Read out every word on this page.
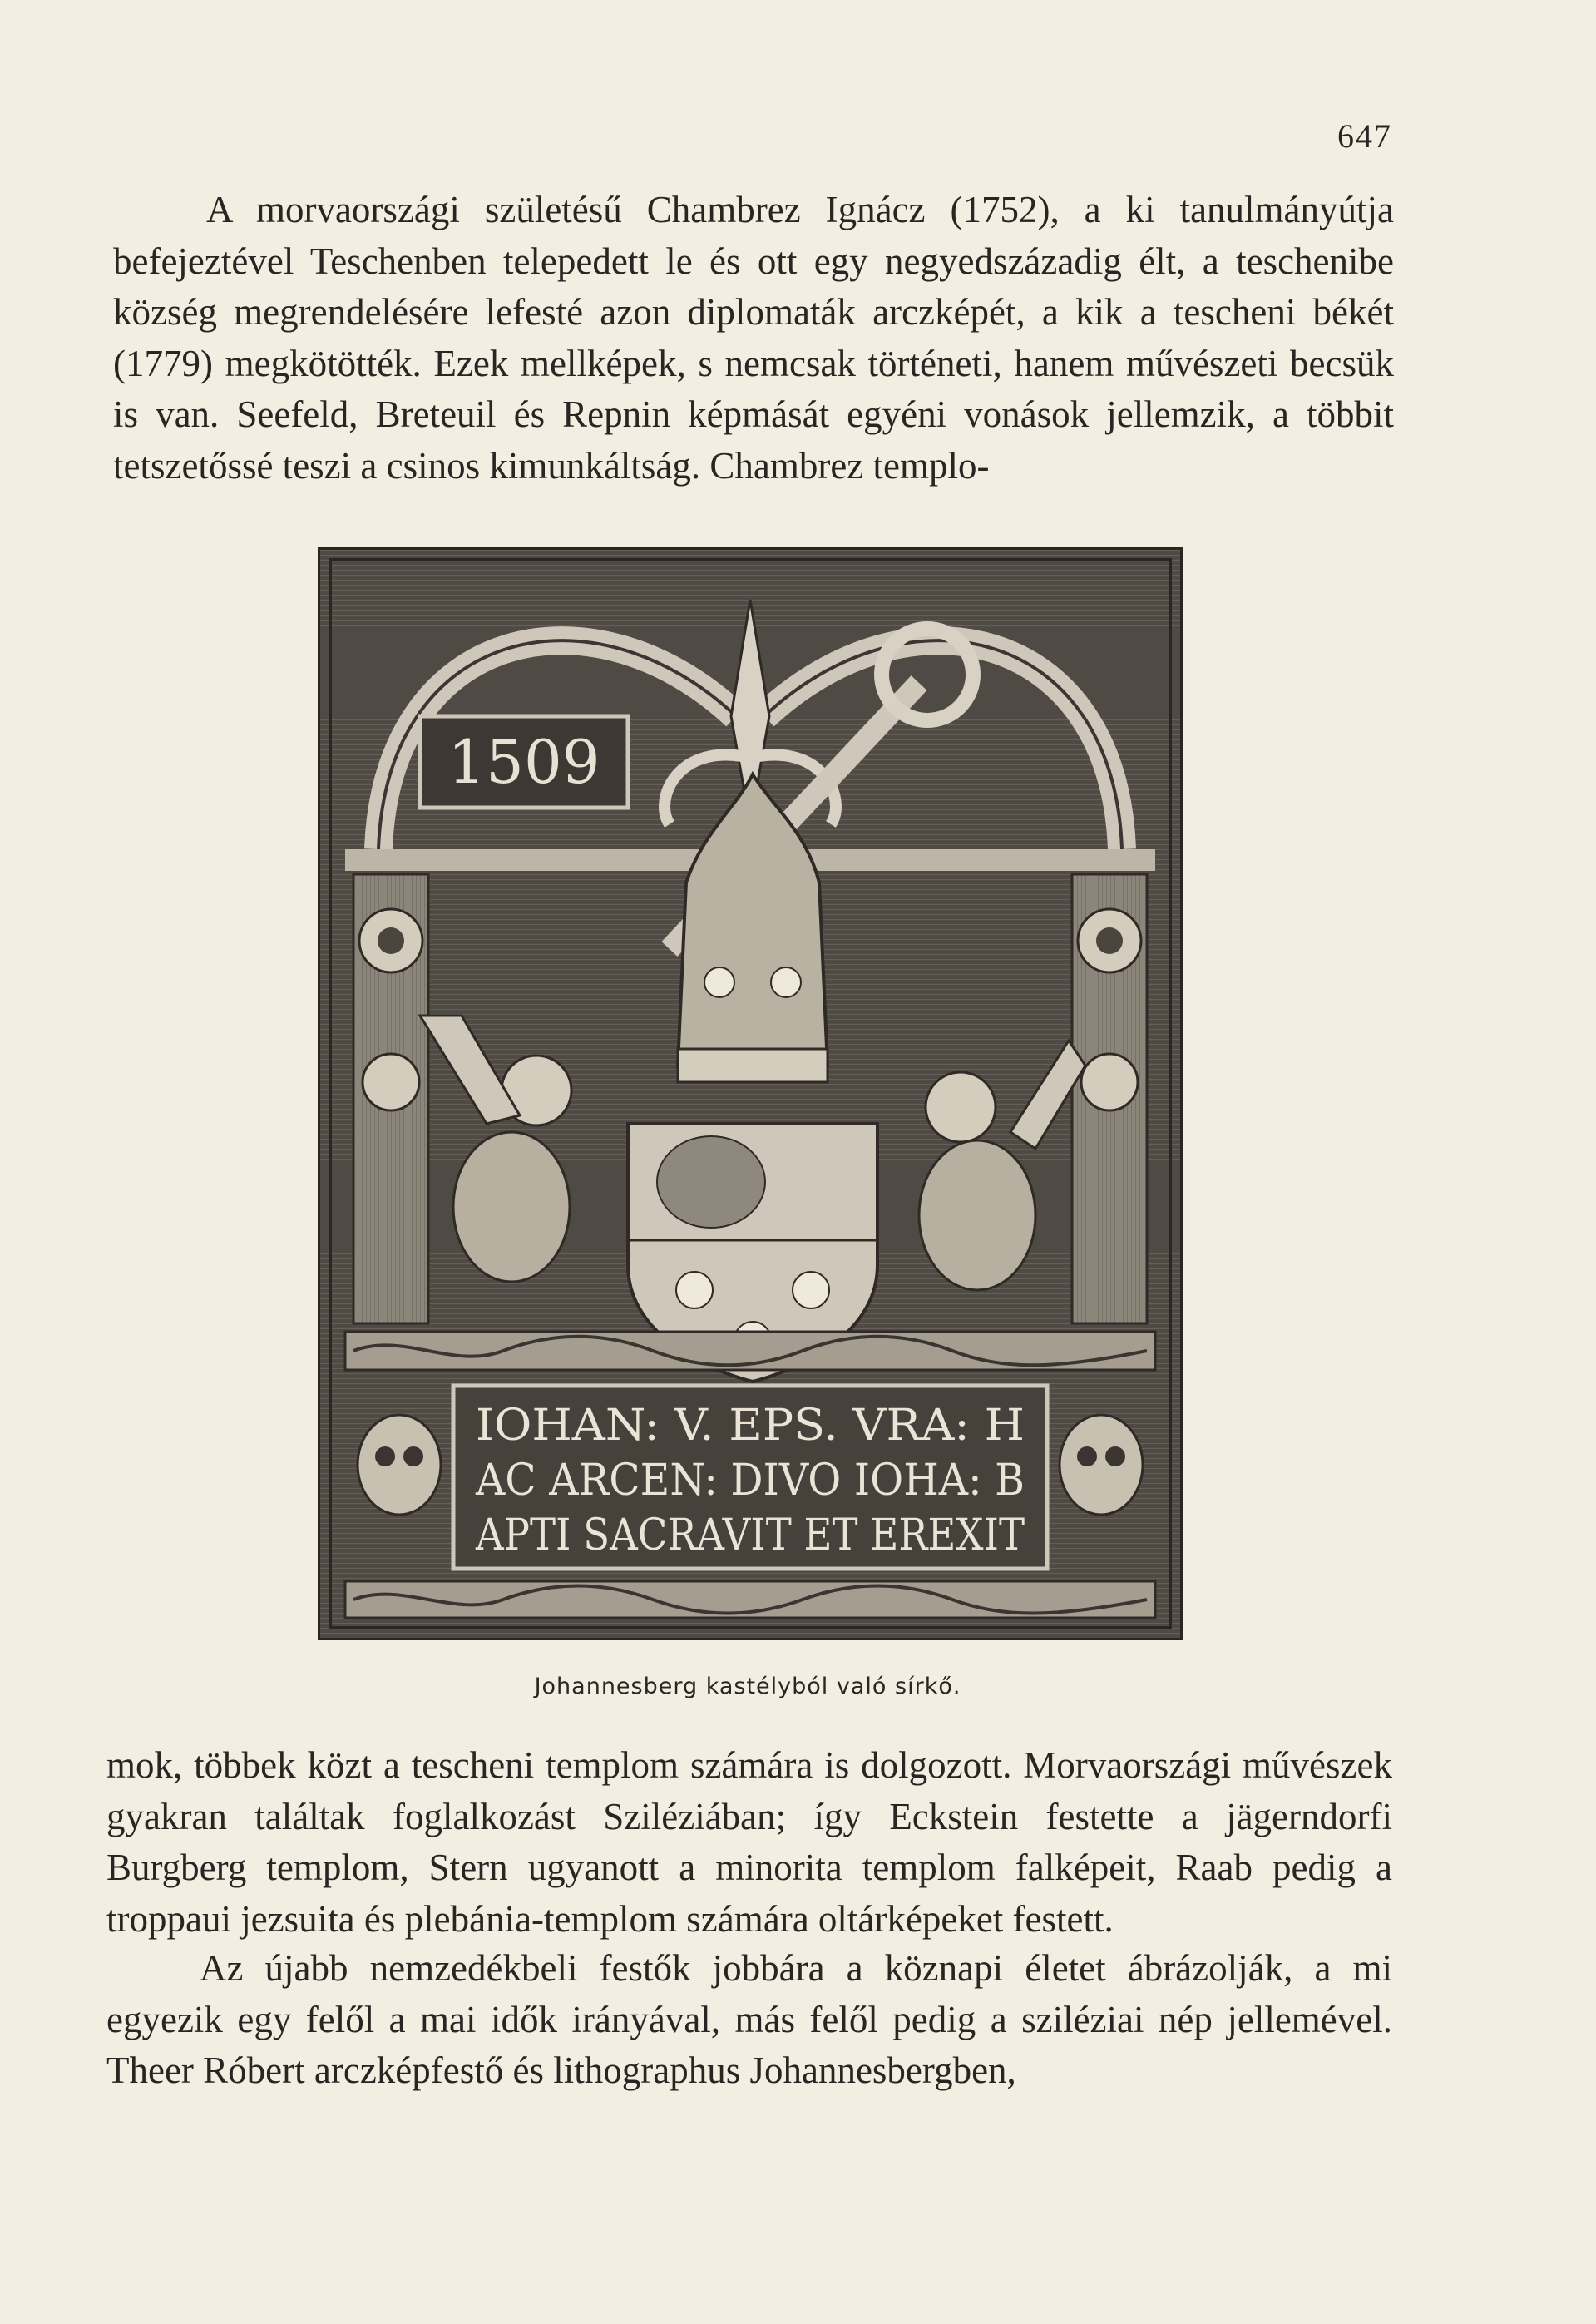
647

A morvaországi születésű Chambrez Ignácz (1752), a ki tanulmányútja befejeztével Teschenben telepedett le és ott egy negyedszázadig élt, a teschenibe község megrendelésére lefesté azon diplomaták arczképét, a kik a tescheni békét (1779) megkötötték. Ezek mellképek, s nemcsak történeti, hanem művészeti becsük is van. Seefeld, Breteuil és Repnin képmását egyéni vonások jellemzik, a többit tetszetőssé teszi a csinos kimunkáltság. Chambrez templo-

1509
IOHAN: V. EPS. VRA: H
AC ARCEN: DIVO IOHA: B
APTI SACRAVIT ET EREXIT
Johannesberg kastélyból való sírkő.

mok, többek közt a tescheni templom számára is dolgozott. Morvaországi művészek gyakran találtak foglalkozást Sziléziában; így Eckstein festette a jägerndorfi Burgberg templom, Stern ugyanott a minorita templom falképeit, Raab pedig a troppaui jezsuita és plebánia-templom számára oltárképeket festett.

Az újabb nemzedékbeli festők jobbára a köznapi életet ábrázolják, a mi egyezik egy felől a mai idők irányával, más felől pedig a sziléziai nép jellemével. Theer Róbert arczképfestő és lithographus Johannesbergben,
